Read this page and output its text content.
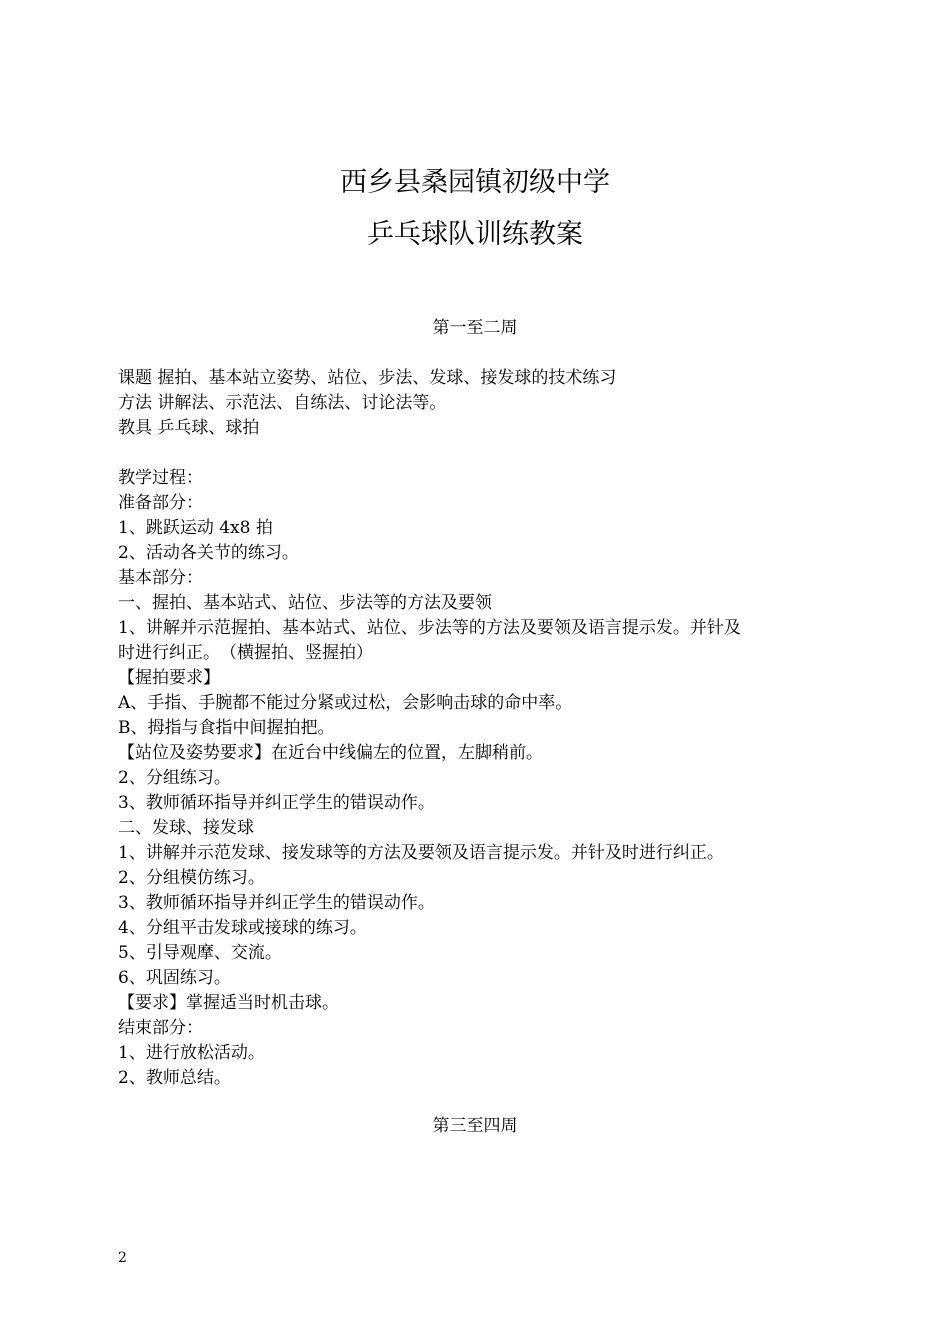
西乡县桑园镇初级中学
乒乓球队训练教案
第一至二周
课题 握拍、基本站立姿势、站位、步法、发球、接发球的技术练习
方法 讲解法、示范法、自练法、讨论法等。
教具 乒乓球、球拍
教学过程：
准备部分：
1、跳跃运动 4x8 拍
2、活动各关节的练习。
基本部分：
一、握拍、基本站式、站位、步法等的方法及要领
1、讲解并示范握拍、基本站式、站位、步法等的方法及要领及语言提示发。并针及
时进行纠正。　（横握拍、竖握拍）
【握拍要求】
A、手指、手腕都不能过分紧或过松，会影响击球的命中率。
B、拇指与食指中间握拍把。
【站位及姿势要求】在近台中线偏左的位置，左脚稍前。
2、分组练习。
3、教师循环指导并纠正学生的错误动作。
二、发球、接发球
1、讲解并示范发球、接发球等的方法及要领及语言提示发。并针及时进行纠正。
2、分组模仿练习。
3、教师循环指导并纠正学生的错误动作。
4、分组平击发球或接球的练习。
5、引导观摩、交流。
6、巩固练习。
【要求】掌握适当时机击球。
结束部分：
1、进行放松活动。
2、教师总结。
第三至四周
2
